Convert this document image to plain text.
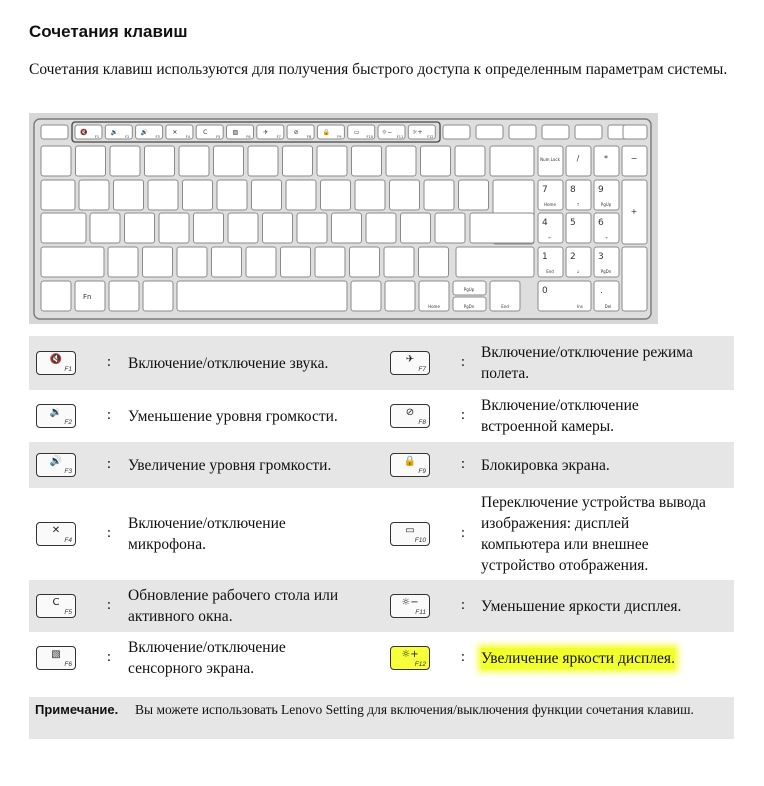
Сочетания клавиш

Сочетания клавиш используются для получения быстрого доступа к определенным параметрам системы.

🔇
F1
🔉
F2
🔊
F3
✕
F4
C
F5
▧
F6
✈
F7
⊘
F8
🔒
F9
▭
F10
☼−
F11
☼+
F12
Fn
Home
PgUp
PgDn	End
Num Lock /	*	−
7
Home
8
↑
9
PgUp
4
←
5 6
→
1
End
2
↓
3
PgDn
+
0
Ins
.
Del
🔇
F1 : Включение/отключение звука.	✈
F7 :
Включение/отключение режима
полета.
🔉
F2 : Уменьшение уровня громкости.	⊘
F8 :
Включение/отключение
встроенной камеры.
🔊
F3 : Увеличение уровня громкости.	🔒
F9 : Блокировка экрана.
✕
F4 :
Включение/отключение
микрофона.
▭
F10 :
Переключение устройства вывода
изображения: дисплей
компьютера или внешнее
устройство отображения.
C
F5 :
Обновление рабочего стола или
активного окна.
☼−
F11 : Уменьшение яркости дисплея.
▧
F6 :
Включение/отключение
сенсорного экрана.
☼+
F12 : Увеличение яркости дисплея.
Примечание. Вы можете использовать Lenovo Setting для включения/выключения функции сочетания клавиш.
